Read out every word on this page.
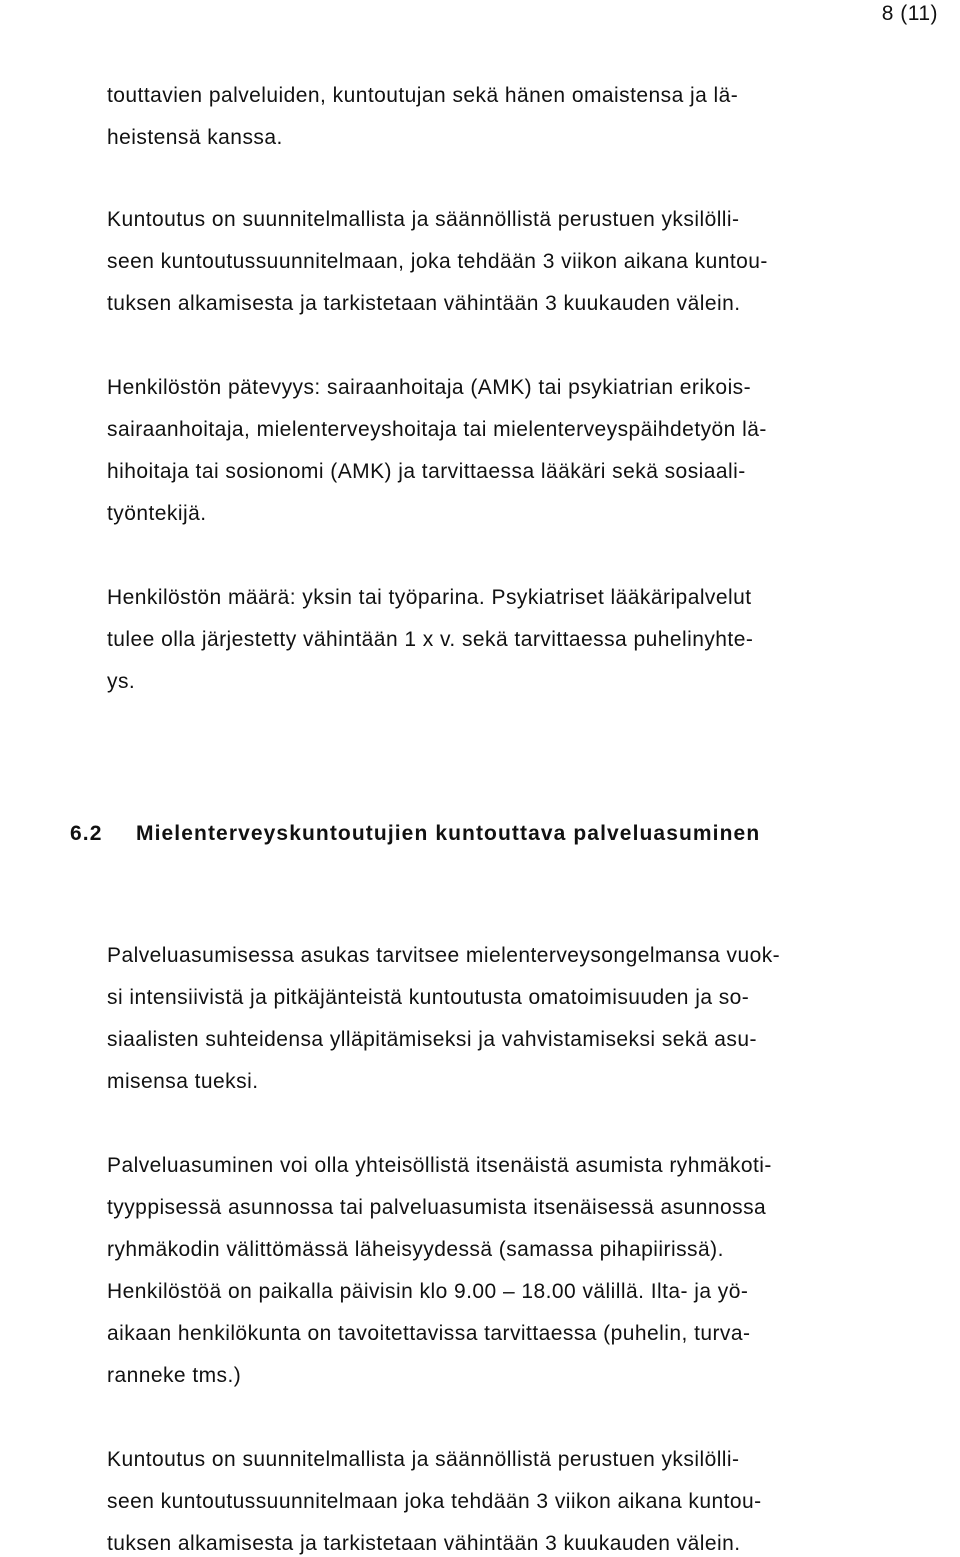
8 (11)
touttavien palveluiden, kuntoutujan sekä hänen omaistensa ja lä-
heistensä kanssa.
Kuntoutus on suunnitelmallista ja säännöllistä perustuen yksilölli-
seen kuntoutussuunnitelmaan, joka tehdään 3 viikon aikana kuntou-
tuksen alkamisesta ja tarkistetaan vähintään 3 kuukauden välein.
Henkilöstön pätevyys: sairaanhoitaja (AMK) tai psykiatrian erikois-
sairaanhoitaja, mielenterveyshoitaja tai mielenterveyspäihdetyön lä-
hihoitaja tai sosionomi (AMK) ja tarvittaessa lääkäri sekä sosiaali-
työntekijä.
Henkilöstön määrä: yksin tai työparina. Psykiatriset lääkäripalvelut
tulee olla järjestetty vähintään 1 x v. sekä tarvittaessa puhelinyhte-
ys.
6.2 Mielenterveyskuntoutujien kuntouttava palveluasuminen
Palveluasumisessa asukas tarvitsee mielenterveysongelmansa vuok-
si intensiivistä ja pitkäjänteistä kuntoutusta omatoimisuuden ja so-
siaalisten suhteidensa ylläpitämiseksi ja vahvistamiseksi sekä asu-
misensa tueksi.
Palveluasuminen voi olla yhteisöllistä itsenäistä asumista ryhmäkoti-
tyyppisessä asunnossa tai palveluasumista itsenäisessä asunnossa
ryhmäkodin välittömässä läheisyydessä (samassa pihapiirissä).
Henkilöstöä on paikalla päivisin klo 9.00 – 18.00 välillä. Ilta- ja yö-
aikaan henkilökunta on tavoitettavissa tarvittaessa (puhelin, turva-
ranneke tms.)
Kuntoutus on suunnitelmallista ja säännöllistä perustuen yksilölli-
seen kuntoutussuunnitelmaan joka tehdään 3 viikon aikana kuntou-
tuksen alkamisesta ja tarkistetaan vähintään 3 kuukauden välein.
